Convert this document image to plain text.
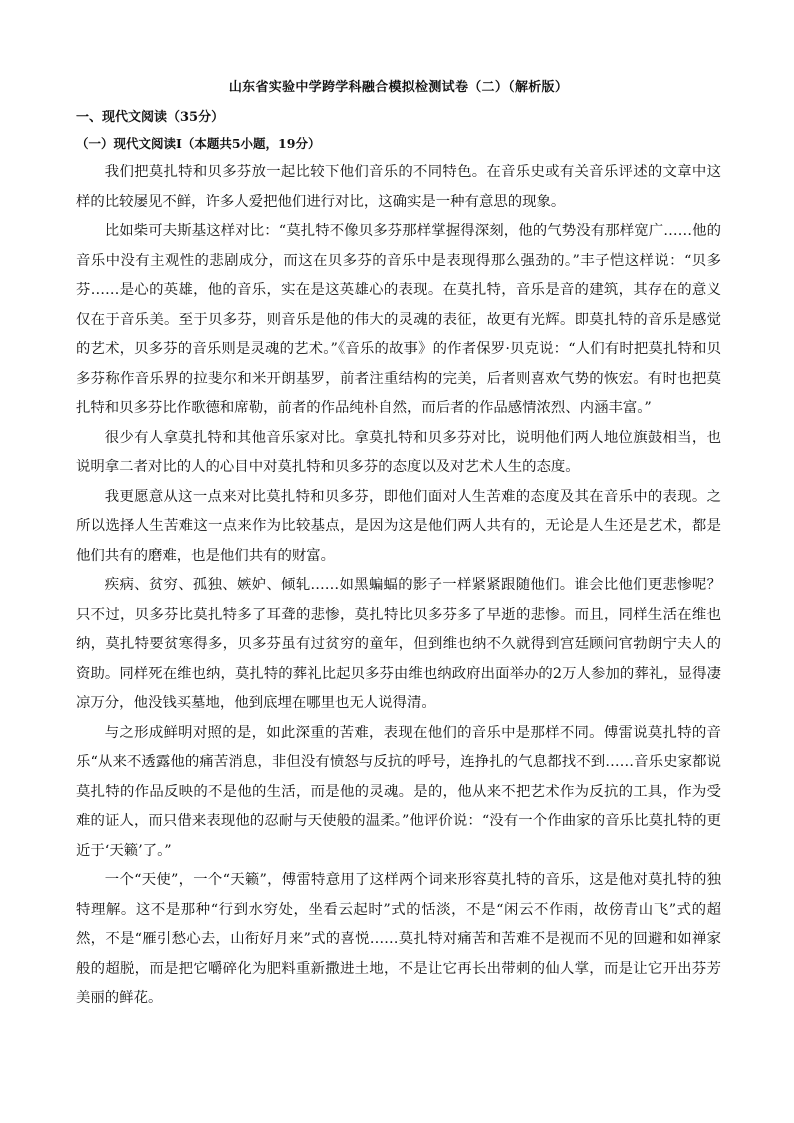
山东省实验中学跨学科融合模拟检测试卷（二）（解析版）
一、现代文阅读（35分）
（一）现代文阅读Ⅰ（本题共5小题，19分）

我们把莫扎特和贝多芬放一起比较下他们音乐的不同特色。在音乐史或有关音乐评述的文章中这样的比较屡见不鲜，许多人爱把他们进行对比，这确实是一种有意思的现象。

比如柴可夫斯基这样对比：“莫扎特不像贝多芬那样掌握得深刻，他的气势没有那样宽广……他的音乐中没有主观性的悲剧成分，而这在贝多芬的音乐中是表现得那么强劲的。”丰子恺这样说：“贝多芬……是心的英雄，他的音乐，实在是这英雄心的表现。在莫扎特，音乐是音的建筑，其存在的意义仅在于音乐美。至于贝多芬，则音乐是他的伟大的灵魂的表征，故更有光辉。即莫扎特的音乐是感觉的艺术，贝多芬的音乐则是灵魂的艺术。”《音乐的故事》的作者保罗·贝克说：“人们有时把莫扎特和贝多芬称作音乐界的拉斐尔和米开朗基罗，前者注重结构的完美，后者则喜欢气势的恢宏。有时也把莫扎特和贝多芬比作歌德和席勒，前者的作品纯朴自然，而后者的作品感情浓烈、内涵丰富。”

很少有人拿莫扎特和其他音乐家对比。拿莫扎特和贝多芬对比，说明他们两人地位旗鼓相当，也说明拿二者对比的人的心目中对莫扎特和贝多芬的态度以及对艺术人生的态度。

我更愿意从这一点来对比莫扎特和贝多芬，即他们面对人生苦难的态度及其在音乐中的表现。之所以选择人生苦难这一点来作为比较基点，是因为这是他们两人共有的，无论是人生还是艺术，都是他们共有的磨难，也是他们共有的财富。

疾病、贫穷、孤独、嫉妒、倾轧……如黑蝙蝠的影子一样紧紧跟随他们。谁会比他们更悲惨呢？只不过，贝多芬比莫扎特多了耳聋的悲惨，莫扎特比贝多芬多了早逝的悲惨。而且，同样生活在维也纳，莫扎特要贫寒得多，贝多芬虽有过贫穷的童年，但到维也纳不久就得到宫廷顾问官勃朗宁夫人的资助。同样死在维也纳，莫扎特的葬礼比起贝多芬由维也纳政府出面举办的2万人参加的葬礼，显得凄凉万分，他没钱买墓地，他到底埋在哪里也无人说得清。

与之形成鲜明对照的是，如此深重的苦难，表现在他们的音乐中是那样不同。傅雷说莫扎特的音乐“从来不透露他的痛苦消息，非但没有愤怒与反抗的呼号，连挣扎的气息都找不到……音乐史家都说莫扎特的作品反映的不是他的生活，而是他的灵魂。是的，他从来不把艺术作为反抗的工具，作为受难的证人，而只借来表现他的忍耐与天使般的温柔。”他评价说：“没有一个作曲家的音乐比莫扎特的更近于‘天籁’了。”

一个“天使”，一个“天籁”，傅雷特意用了这样两个词来形容莫扎特的音乐，这是他对莫扎特的独特理解。这不是那种“行到水穷处，坐看云起时”式的恬淡，不是“闲云不作雨，故傍青山飞”式的超然，不是“雁引愁心去，山衔好月来”式的喜悦……莫扎特对痛苦和苦难不是视而不见的回避和如禅家般的超脱，而是把它嚼碎化为肥料重新撒进土地，不是让它再长出带刺的仙人掌，而是让它开出芬芳美丽的鲜花。
